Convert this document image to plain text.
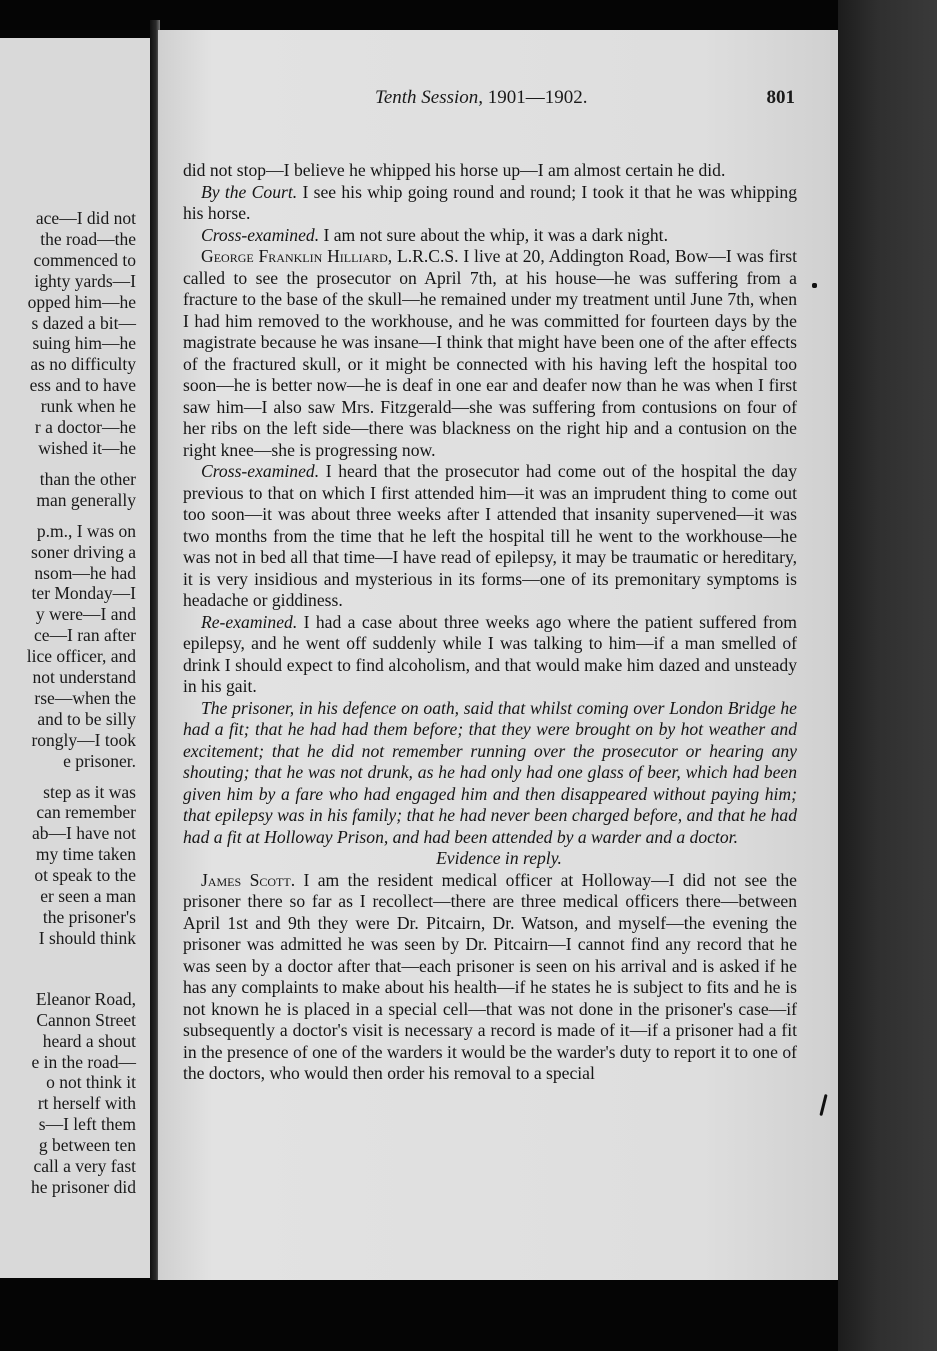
ace—I did not
the road—the
commenced to
ighty yards—I
opped him—he
s dazed a bit—
suing him—he
as no difficulty
ess and to have
runk when he
r a doctor—he
wished it—he
than the other
man generally
p.m., I was on
soner driving a
nsom—he had
ter Monday—I
y were—I and
ce—I ran after
lice officer, and
not understand
rse—when the
and to be silly
rongly—I took
e prisoner.
step as it was
can remember
ab—I have not
my time taken
ot speak to the
er seen a man
the prisoner's
I should think
Eleanor Road,
Cannon Street
heard a shout
e in the road—
o not think it
rt herself with
s—I left them
g between ten
call a very fast
he prisoner did
Tenth Session, 1901—1902.	801

did not stop—I believe he whipped his horse up—I am almost certain he did.

By the Court. I see his whip going round and round; I took it that he was whipping his horse.

Cross-examined. I am not sure about the whip, it was a dark night.

George Franklin Hilliard, L.R.C.S. I live at 20, Addington Road, Bow—I was first called to see the prosecutor on April 7th, at his house—he was suffering from a fracture to the base of the skull—he remained under my treatment until June 7th, when I had him removed to the workhouse, and he was committed for fourteen days by the magistrate because he was insane—I think that might have been one of the after effects of the fractured skull, or it might be connected with his having left the hospital too soon—he is better now—he is deaf in one ear and deafer now than he was when I first saw him—I also saw Mrs. Fitzgerald—she was suffering from contusions on four of her ribs on the left side—there was blackness on the right hip and a contusion on the right knee—she is progressing now.

Cross-examined. I heard that the prosecutor had come out of the hospital the day previous to that on which I first attended him—it was an imprudent thing to come out too soon—it was about three weeks after I attended that insanity supervened—it was two months from the time that he left the hospital till he went to the workhouse—he was not in bed all that time—I have read of epilepsy, it may be traumatic or hereditary, it is very insidious and mysterious in its forms—one of its premonitary symptoms is headache or giddiness.

Re-examined. I had a case about three weeks ago where the patient suffered from epilepsy, and he went off suddenly while I was talking to him—if a man smelled of drink I should expect to find alcoholism, and that would make him dazed and unsteady in his gait.

The prisoner, in his defence on oath, said that whilst coming over London Bridge he had a fit; that he had had them before; that they were brought on by hot weather and excitement; that he did not remember running over the prosecutor or hearing any shouting; that he was not drunk, as he had only had one glass of beer, which had been given him by a fare who had engaged him and then disappeared without paying him; that epilepsy was in his family; that he had never been charged before, and that he had had a fit at Holloway Prison, and had been attended by a warder and a doctor.

Evidence in reply.

James Scott. I am the resident medical officer at Holloway—I did not see the prisoner there so far as I recollect—there are three medical officers there—between April 1st and 9th they were Dr. Pitcairn, Dr. Watson, and myself—the evening the prisoner was admitted he was seen by Dr. Pitcairn—I cannot find any record that he was seen by a doctor after that—each prisoner is seen on his arrival and is asked if he has any complaints to make about his health—if he states he is subject to fits and he is not known he is placed in a special cell—that was not done in the prisoner's case—if subsequently a doctor's visit is necessary a record is made of it—if a prisoner had a fit in the presence of one of the warders it would be the warder's duty to report it to one of the doctors, who would then order his removal to a special
